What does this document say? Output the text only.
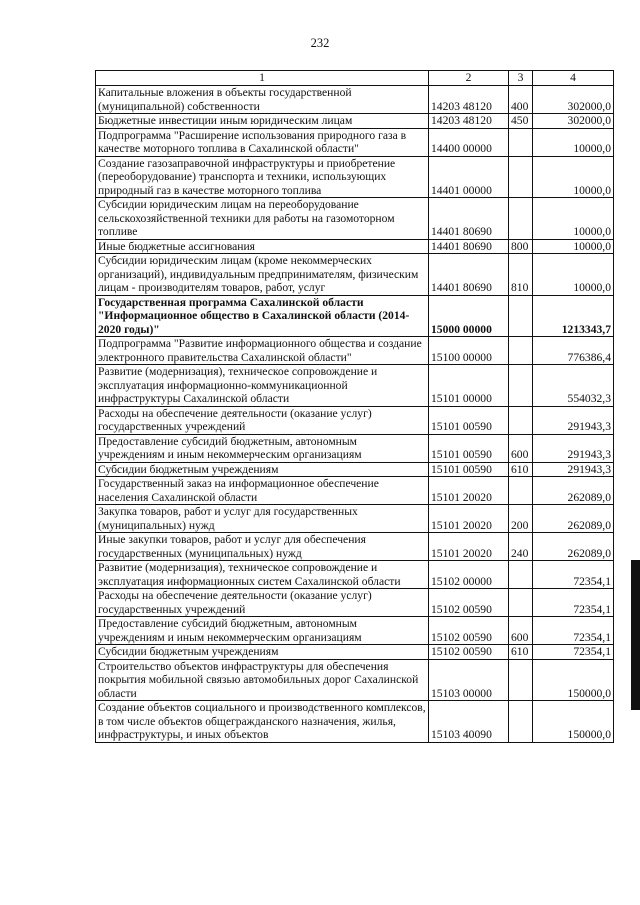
232
1	2	3	4
Капитальные вложения в объекты государственной (муниципальной) собственности	14203 48120	400	302000,0
Бюджетные инвестиции иным юридическим лицам	14203 48120	450	302000,0
Подпрограмма "Расширение использования природного газа в качестве моторного топлива в Сахалинской области"	14400 00000		10000,0
Создание газозаправочной инфраструктуры и приобретение (переоборудование) транспорта и техники, использующих природный газ в качестве моторного топлива	14401 00000		10000,0
Субсидии юридическим лицам на переоборудование сельскохозяйственной техники для работы на газомоторном топливе	14401 80690		10000,0
Иные бюджетные ассигнования	14401 80690	800	10000,0
Субсидии юридическим лицам (кроме некоммерческих организаций), индивидуальным предпринимателям, физическим лицам - производителям товаров, работ, услуг	14401 80690	810	10000,0
Государственная программа Сахалинской области "Информационное общество в Сахалинской области (2014-2020 годы)"	15000 00000		1213343,7
Подпрограмма "Развитие информационного общества и создание электронного правительства Сахалинской области"	15100 00000		776386,4
Развитие (модернизация), техническое сопровождение и эксплуатация информационно-коммуникационной инфраструктуры Сахалинской области	15101 00000		554032,3
Расходы на обеспечение деятельности (оказание услуг) государственных учреждений	15101 00590		291943,3
Предоставление субсидий бюджетным, автономным учреждениям и иным некоммерческим организациям	15101 00590	600	291943,3
Субсидии бюджетным учреждениям	15101 00590	610	291943,3
Государственный заказ на информационное обеспечение населения Сахалинской области	15101 20020		262089,0
Закупка товаров, работ и услуг для государственных (муниципальных) нужд	15101 20020	200	262089,0
Иные закупки товаров, работ и услуг для обеспечения государственных (муниципальных) нужд	15101 20020	240	262089,0
Развитие (модернизация), техническое сопровождение и эксплуатация информационных систем Сахалинской области	15102 00000		72354,1
Расходы на обеспечение деятельности (оказание услуг) государственных учреждений	15102 00590		72354,1
Предоставление субсидий бюджетным, автономным учреждениям и иным некоммерческим организациям	15102 00590	600	72354,1
Субсидии бюджетным учреждениям	15102 00590	610	72354,1
Строительство объектов инфраструктуры для обеспечения покрытия мобильной связью автомобильных дорог Сахалинской области	15103 00000		150000,0
Создание объектов социального и производственного комплексов, в том числе объектов общегражданского назначения, жилья, инфраструктуры, и иных объектов	15103 40090		150000,0
